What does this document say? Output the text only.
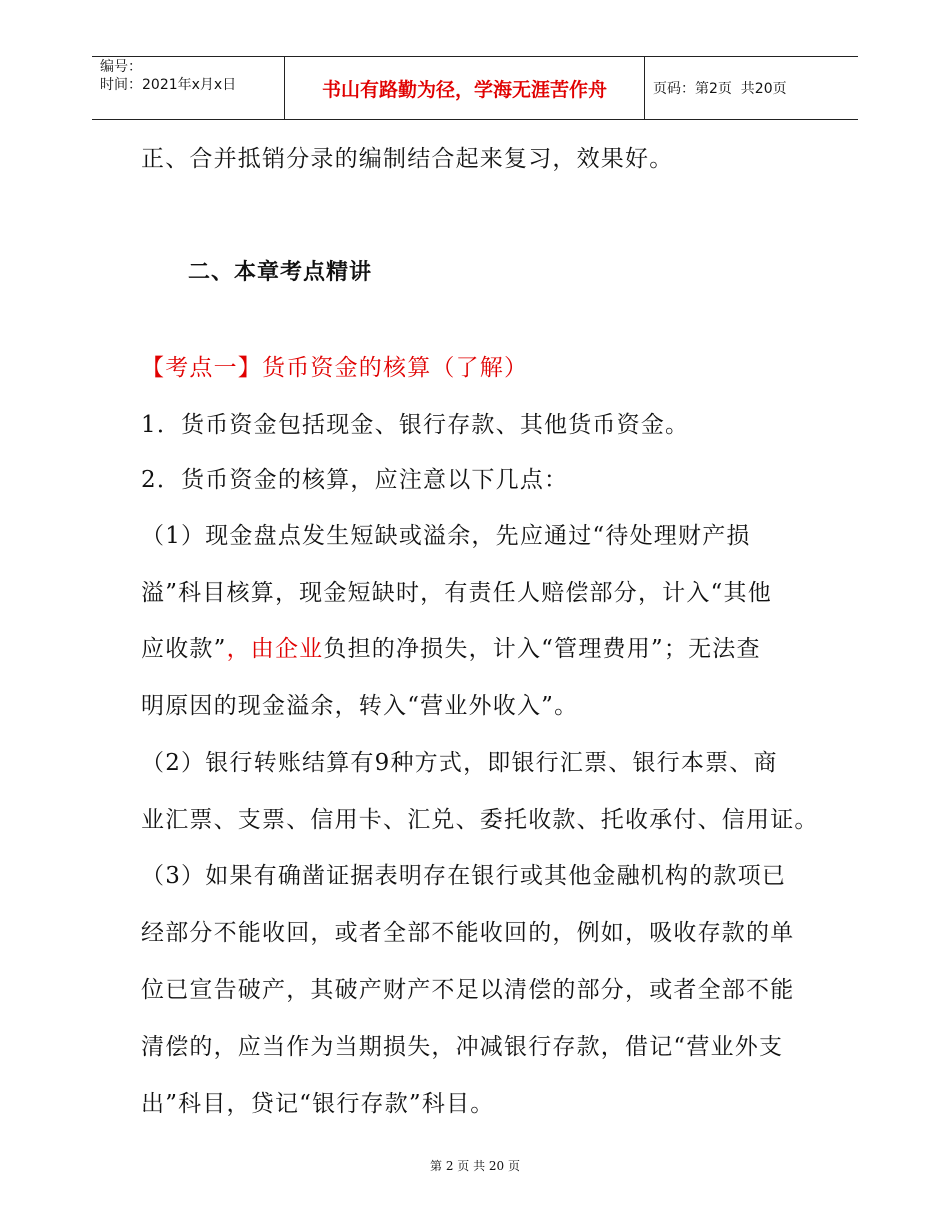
编号：
时间：2021年x月x日	书山有路勤为径，学海无涯苦作舟	页码：第2页  共20页
正、合并抵销分录的编制结合起来复习，效果好。
二、本章考点精讲
【考点一】货币资金的核算（了解）
1．货币资金包括现金、银行存款、其他货币资金。
2．货币资金的核算，应注意以下几点：
（1）现金盘点发生短缺或溢余，先应通过“待处理财产损
溢”科目核算，现金短缺时，有责任人赔偿部分，计入“其他
应收款”，由企业负担的净损失，计入“管理费用”；无法查
明原因的现金溢余，转入“营业外收入”。
（2）银行转账结算有9种方式，即银行汇票、银行本票、商
业汇票、支票、信用卡、汇兑、委托收款、托收承付、信用证。
（3）如果有确凿证据表明存在银行或其他金融机构的款项已
经部分不能收回，或者全部不能收回的，例如，吸收存款的单
位已宣告破产，其破产财产不足以清偿的部分，或者全部不能
清偿的，应当作为当期损失，冲减银行存款，借记“营业外支
出”科目，贷记“银行存款”科目。
第 2 页 共 20 页
